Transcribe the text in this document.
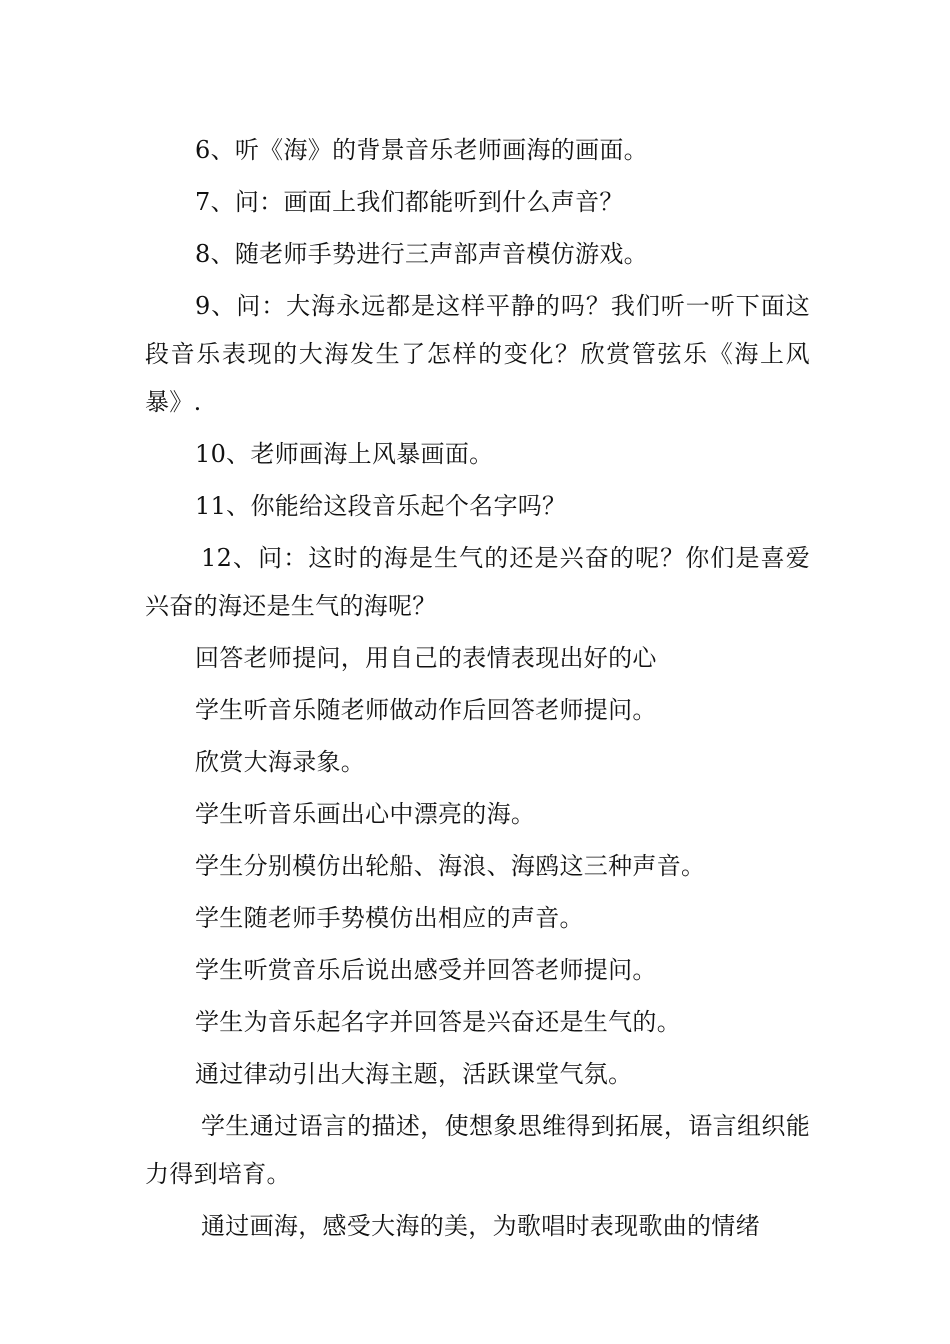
6、听《海》的背景音乐老师画海的画面。

7、问：画面上我们都能听到什么声音？

8、随老师手势进行三声部声音模仿游戏。

9、问：大海永远都是这样平静的吗？我们听一听下面这段音乐表现的大海发生了怎样的变化？欣赏管弦乐《海上风暴》.

10、老师画海上风暴画面。

11、你能给这段音乐起个名字吗？

12、问：这时的海是生气的还是兴奋的呢？你们是喜爱兴奋的海还是生气的海呢？

回答老师提问，用自己的表情表现出好的心

学生听音乐随老师做动作后回答老师提问。

欣赏大海录象。

学生听音乐画出心中漂亮的海。

学生分别模仿出轮船、海浪、海鸥这三种声音。

学生随老师手势模仿出相应的声音。

学生听赏音乐后说出感受并回答老师提问。

学生为音乐起名字并回答是兴奋还是生气的。

通过律动引出大海主题，活跃课堂气氛。

学生通过语言的描述，使想象思维得到拓展，语言组织能力得到培育。

通过画海，感受大海的美，为歌唱时表现歌曲的情绪
